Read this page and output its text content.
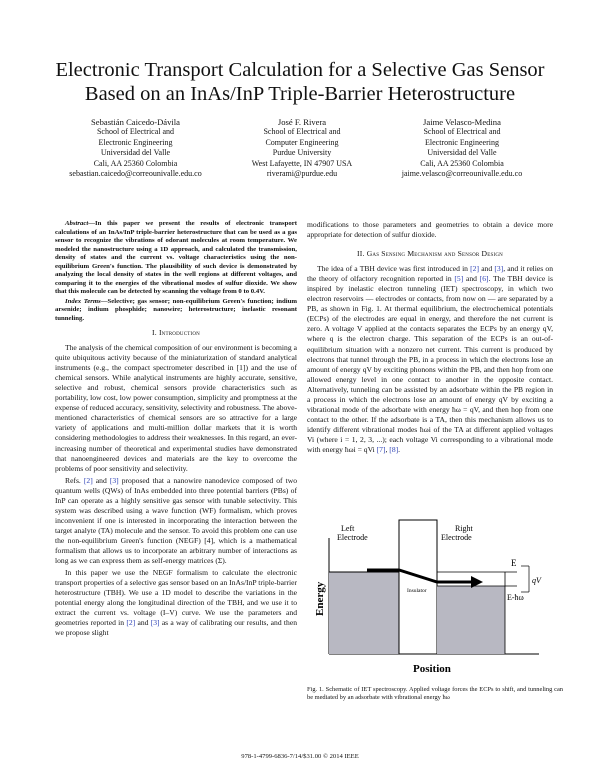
Electronic Transport Calculation for a Selective Gas Sensor
Based on an InAs/InP Triple-Barrier Heterostructure
Sebastián Caicedo-Dávila
School of Electrical and
Electronic Engineering
Universidad del Valle
Cali, AA 25360 Colombia
sebastian.caicedo@correounivalle.edu.co
José F. Rivera
School of Electrical and
Computer Engineering
Purdue University
West Lafayette, IN 47907 USA
riverami@purdue.edu
Jaime Velasco-Medina
School of Electrical and
Electronic Engineering
Universidad del Valle
Cali, AA 25360 Colombia
jaime.velasco@correounivalle.edu.co
Abstract—In this paper we present the results of electronic transport calculations of an InAs/InP triple-barrier heterostructure that can be used as a gas sensor to recognize the vibrations of odorant molecules at room temperature. We modeled the nanostructure using a 1D approach, and calculated the transmission, density of states and the current vs. voltage characteristics using the non-equilibrium Green's function. The plausibility of such device is demonstrated by analyzing the local density of states in the well regions at different voltages, and comparing it to the energies of the vibrational modes of sulfur dioxide. We show that this molecule can be detected by scanning the voltage from 0 to 0.4V.
Index Terms—Selective; gas sensor; non-equilibrium Green's function; indium arsenide; indium phosphide; nanowire; heterostructure; inelastic resonant tunneling.
I. Introduction

The analysis of the chemical composition of our environment is becoming a quite ubiquitous activity because of the miniaturization of standard analytical instruments (e.g., the compact spectrometer described in [1]) and the use of chemical sensors. While analytical instruments are highly accurate, sensitive, selective and robust, chemical sensors provide characteristics such as portability, low cost, low power consumption, simplicity and promptness at the expense of reduced accuracy, sensitivity, selectivity and robustness. The above-mentioned characteristics of chemical sensors are so attractive for a large variety of applications and multi-million dollar markets that it is worth considering methodologies to address their weaknesses. In this regard, an ever-increasing number of theoretical and experimental studies have demonstrated that nanoengineered devices and materials are the key to overcome the problems of poor sensitivity and selectivity.

Refs. [2] and [3] proposed that a nanowire nanodevice composed of two quantum wells (QWs) of InAs embedded into three potential barriers (PBs) of InP can operate as a highly sensitive gas sensor with tunable selectivity. This system was described using a wave function (WF) formalism, which proves inconvenient if one is interested in incorporating the interaction between the target analyte (TA) molecule and the sensor. To avoid this problem one can use the non-equilibrium Green's function (NEGF) [4], which is a mathematical formalism that allows us to incorporate an arbitrary number of interactions as long as we can express them as self-energy matrices (Σ).

In this paper we use the NEGF formalism to calculate the electronic transport properties of a selective gas sensor based on an InAs/InP triple-barrier heterostructure (TBH). We use a 1D model to describe the variations in the potential energy along the longitudinal direction of the TBH, and we use it to extract the current vs. voltage (I–V) curve. We use the parameters and geometries reported in [2] and [3] as a way of calibrating our results, and then we propose slight

modifications to those parameters and geometries to obtain a device more appropriate for detection of sulfur dioxide.

II. Gas Sensing Mechanism and Sensor Design

The idea of a TBH device was first introduced in [2] and [3], and it relies on the theory of olfactory recognition reported in [5] and [6]. The TBH device is inspired by inelastic electron tunneling (IET) spectroscopy, in which two electron reservoirs — electrodes or contacts, from now on — are separated by a PB, as shown in Fig. 1. At thermal equilibrium, the electrochemical potentials (ECPs) of the electrodes are equal in energy, and therefore the net current is zero. A voltage V applied at the contacts separates the ECPs by an energy qV, where q is the electron charge. This separation of the ECPs is an out-of-equilibrium situation with a nonzero net current. This current is produced by electrons that tunnel through the PB, in a process in which the electrons lose an amount of energy qV by exciting phonons within the PB, and then hop from one allowed energy level in one contact to another in the opposite contact. Alternatively, tunneling can be assisted by an adsorbate within the PB region in a process in which the electrons lose an amount of energy qV by exciting a vibrational mode of the adsorbate with energy ħω = qV, and then hop from one contact to the other. If the adsorbate is a TA, then this mechanism allows us to identify different vibrational modes ħωi of the TA at different applied voltages Vi (where i = 1, 2, 3, ...); each voltage Vi corresponding to a vibrational mode with energy ħωi = qVi [7], [8].

Left
Electrode
Right
Electrode
Insulator
E
E-ħω
qV
Energy
Position
Fig. 1. Schematic of IET spectroscopy. Applied voltage forces the ECPs to shift, and tunneling can be mediated by an adsorbate with vibrational energy ħω
978-1-4799-6836-7/14/$31.00 © 2014 IEEE
